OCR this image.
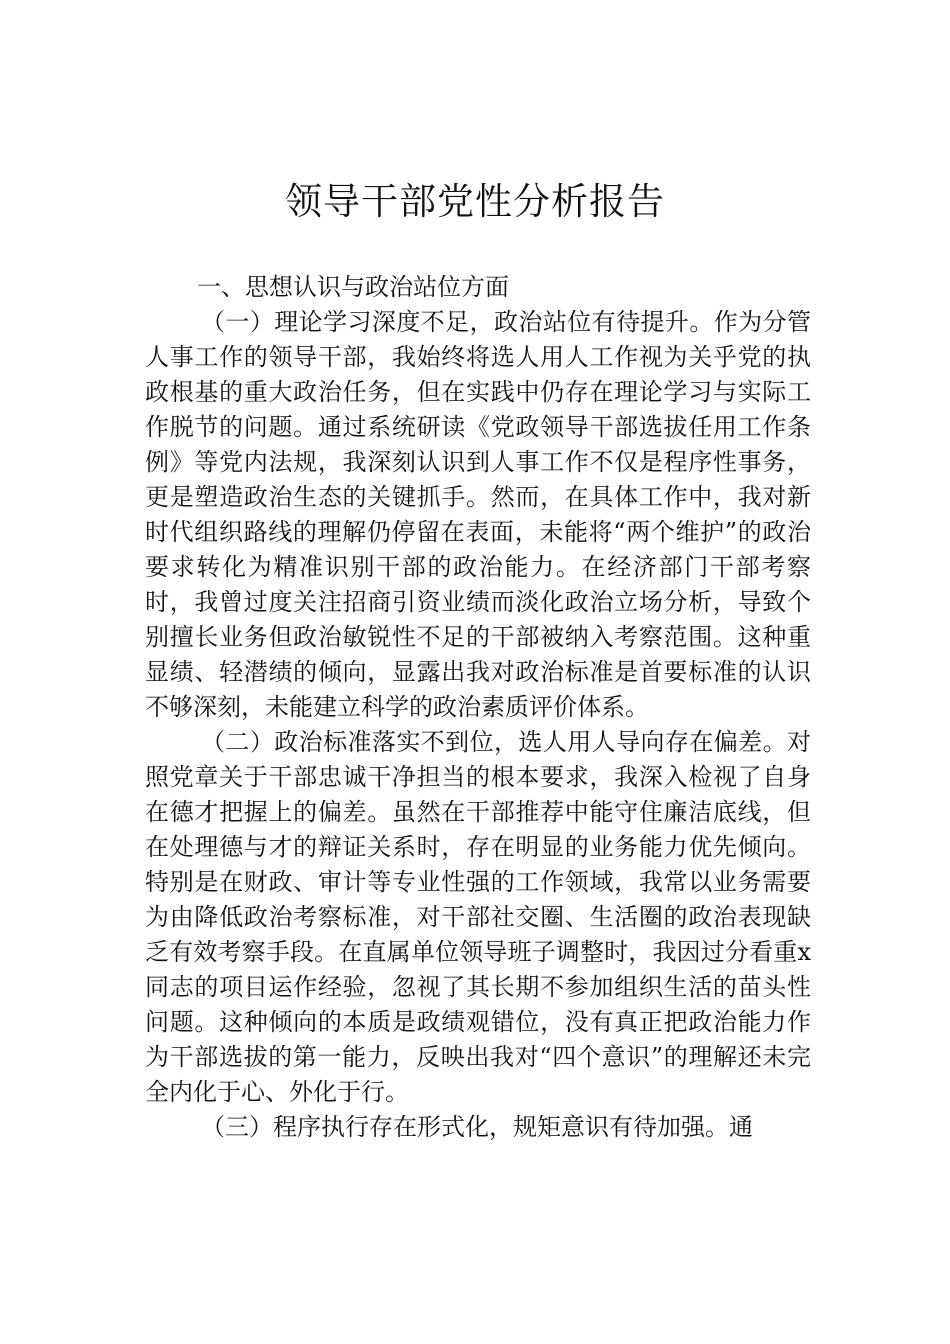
领导干部党性分析报告

一、思想认识与政治站位方面

（一）理论学习深度不足，政治站位有待提升。作为分管人事工作的领导干部，我始终将选人用人工作视为关乎党的执政根基的重大政治任务，但在实践中仍存在理论学习与实际工作脱节的问题。通过系统研读《党政领导干部选拔任用工作条例》等党内法规，我深刻认识到人事工作不仅是程序性事务，更是塑造政治生态的关键抓手。然而，在具体工作中，我对新时代组织路线的理解仍停留在表面，未能将“两个维护”的政治要求转化为精准识别干部的政治能力。在经济部门干部考察时，我曾过度关注招商引资业绩而淡化政治立场分析，导致个别擅长业务但政治敏锐性不足的干部被纳入考察范围。这种重显绩、轻潜绩的倾向，显露出我对政治标准是首要标准的认识不够深刻，未能建立科学的政治素质评价体系。

（二）政治标准落实不到位，选人用人导向存在偏差。对照党章关于干部忠诚干净担当的根本要求，我深入检视了自身在德才把握上的偏差。虽然在干部推荐中能守住廉洁底线，但在处理德与才的辩证关系时，存在明显的业务能力优先倾向。特别是在财政、审计等专业性强的工作领域，我常以业务需要为由降低政治考察标准，对干部社交圈、生活圈的政治表现缺乏有效考察手段。在直属单位领导班子调整时，我因过分看重x同志的项目运作经验，忽视了其长期不参加组织生活的苗头性问题。这种倾向的本质是政绩观错位，没有真正把政治能力作为干部选拔的第一能力，反映出我对“四个意识”的理解还未完全内化于心、外化于行。

（三）程序执行存在形式化，规矩意识有待加强。通
